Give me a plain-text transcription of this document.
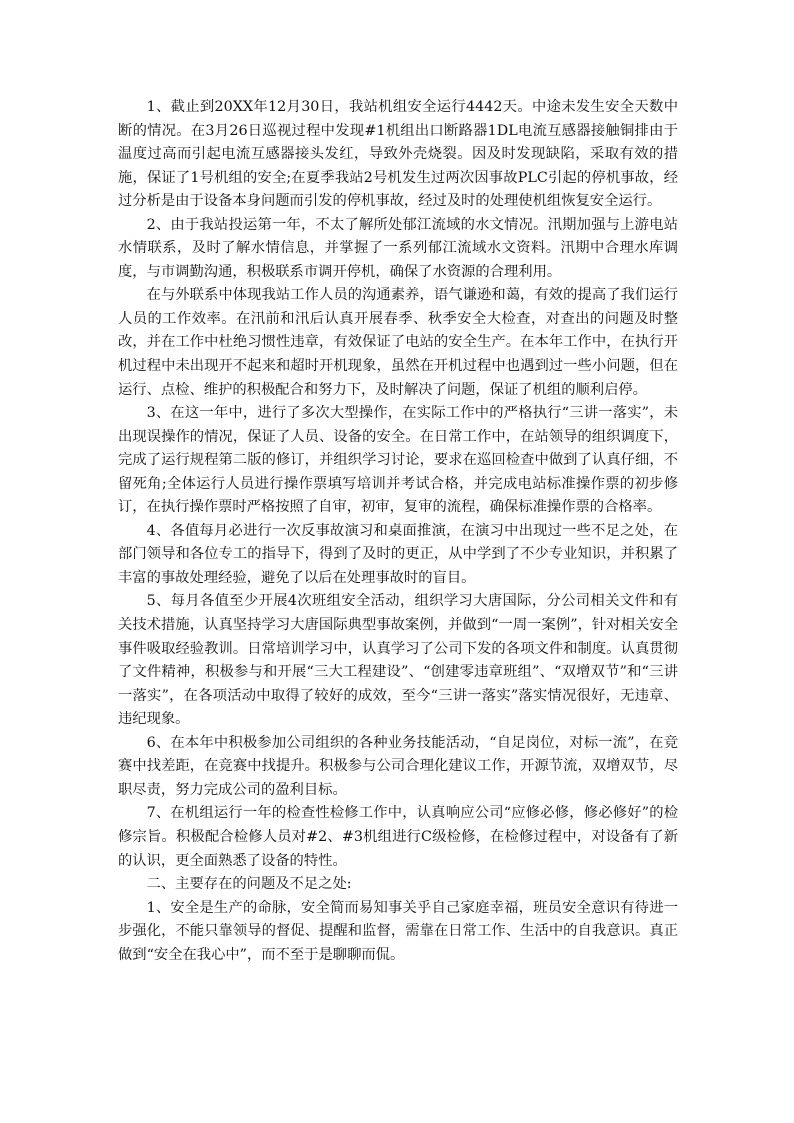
1、截止到20XX年12月30日，我站机组安全运行4442天。中途未发生安全天数中断的情况。在3月26日巡视过程中发现#1机组出口断路器1DL电流互感器接触铜排由于温度过高而引起电流互感器接头发红，导致外壳烧裂。因及时发现缺陷，采取有效的措施，保证了1号机组的安全;在夏季我站2号机发生过两次因事故PLC引起的停机事故，经过分析是由于设备本身问题而引发的停机事故，经过及时的处理使机组恢复安全运行。

2、由于我站投运第一年，不太了解所处郁江流域的水文情况。汛期加强与上游电站水情联系，及时了解水情信息，并掌握了一系列郁江流域水文资料。汛期中合理水库调度，与市调勤沟通，积极联系市调开停机，确保了水资源的合理利用。

在与外联系中体现我站工作人员的沟通素养，语气谦逊和蔼，有效的提高了我们运行人员的工作效率。在汛前和汛后认真开展春季、秋季安全大检查，对查出的问题及时整改，并在工作中杜绝习惯性违章，有效保证了电站的安全生产。在本年工作中，在执行开机过程中未出现开不起来和超时开机现象，虽然在开机过程中也遇到过一些小问题，但在运行、点检、维护的积极配合和努力下，及时解决了问题，保证了机组的顺利启停。

3、在这一年中，进行了多次大型操作，在实际工作中的严格执行“三讲一落实”，未出现误操作的情况，保证了人员、设备的安全。在日常工作中，在站领导的组织调度下，完成了运行规程第二版的修订，并组织学习讨论，要求在巡回检查中做到了认真仔细，不留死角;全体运行人员进行操作票填写培训并考试合格，并完成电站标准操作票的初步修订，在执行操作票时严格按照了自审，初审，复审的流程，确保标准操作票的合格率。

4、各值每月必进行一次反事故演习和桌面推演，在演习中出现过一些不足之处，在部门领导和各位专工的指导下，得到了及时的更正，从中学到了不少专业知识，并积累了丰富的事故处理经验，避免了以后在处理事故时的盲目。

5、每月各值至少开展4次班组安全活动，组织学习大唐国际，分公司相关文件和有关技术措施，认真坚持学习大唐国际典型事故案例，并做到“一周一案例”，针对相关安全事件吸取经验教训。日常培训学习中，认真学习了公司下发的各项文件和制度。认真贯彻了文件精神，积极参与和开展“三大工程建设”、“创建零违章班组”、“双增双节”和“三讲一落实”，在各项活动中取得了较好的成效，至今“三讲一落实”落实情况很好，无违章、违纪现象。

6、在本年中积极参加公司组织的各种业务技能活动，“自足岗位，对标一流”，在竞赛中找差距，在竞赛中找提升。积极参与公司合理化建议工作，开源节流，双增双节，尽职尽责，努力完成公司的盈利目标。

7、在机组运行一年的检查性检修工作中，认真响应公司“应修必修，修必修好”的检修宗旨。积极配合检修人员对#2、#3机组进行C级检修，在检修过程中，对设备有了新的认识，更全面熟悉了设备的特性。

二、主要存在的问题及不足之处:

1、安全是生产的命脉，安全简而易知事关乎自己家庭幸福，班员安全意识有待进一步强化，不能只靠领导的督促、提醒和监督，需靠在日常工作、生活中的自我意识。真正做到“安全在我心中”，而不至于是聊聊而侃。
